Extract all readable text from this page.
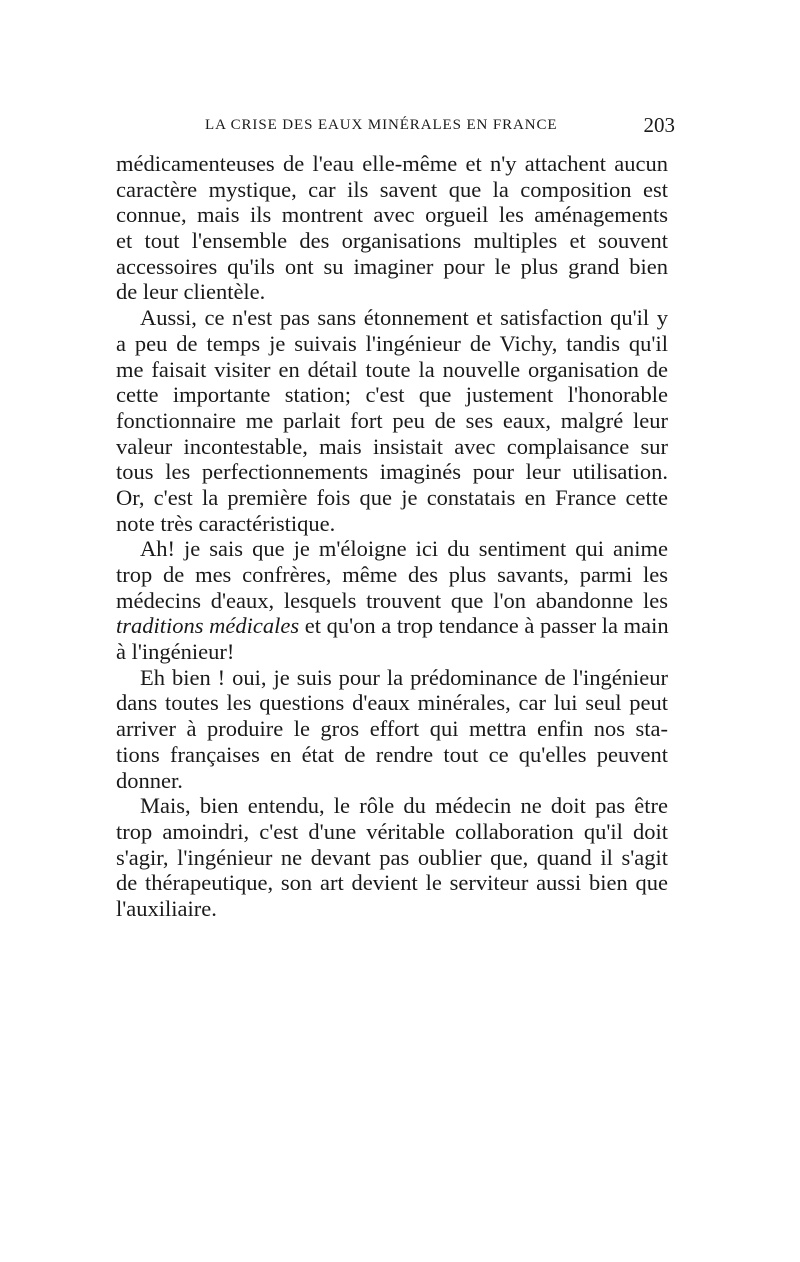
LA CRISE DES EAUX MINÉRALES EN FRANCE	203

médicamenteuses de l'eau elle-même et n'y attachent aucun
caractère mystique, car ils savent que la composition est
connue, mais ils montrent avec orgueil les aménagements
et tout l'ensemble des organisations multiples et souvent
accessoires qu'ils ont su imaginer pour le plus grand bien
de leur clientèle.

Aussi, ce n'est pas sans étonnement et satisfaction qu'il y
a peu de temps je suivais l'ingénieur de Vichy, tandis qu'il
me faisait visiter en détail toute la nouvelle organisation de
cette importante station; c'est que justement l'honorable
fonctionnaire me parlait fort peu de ses eaux, malgré leur
valeur incontestable, mais insistait avec complaisance sur
tous les perfectionnements imaginés pour leur utilisation.
Or, c'est la première fois que je constatais en France cette
note très caractéristique.

Ah! je sais que je m'éloigne ici du sentiment qui anime
trop de mes confrères, même des plus savants, parmi les
médecins d'eaux, lesquels trouvent que l'on abandonne les
traditions médicales et qu'on a trop tendance à passer la main
à l'ingénieur!

Eh bien ! oui, je suis pour la prédominance de l'ingénieur
dans toutes les questions d'eaux minérales, car lui seul peut
arriver à produire le gros effort qui mettra enfin nos sta-
tions françaises en état de rendre tout ce qu'elles peuvent
donner.

Mais, bien entendu, le rôle du médecin ne doit pas être
trop amoindri, c'est d'une véritable collaboration qu'il doit
s'agir, l'ingénieur ne devant pas oublier que, quand il s'agit
de thérapeutique, son art devient le serviteur aussi bien que
l'auxiliaire.
